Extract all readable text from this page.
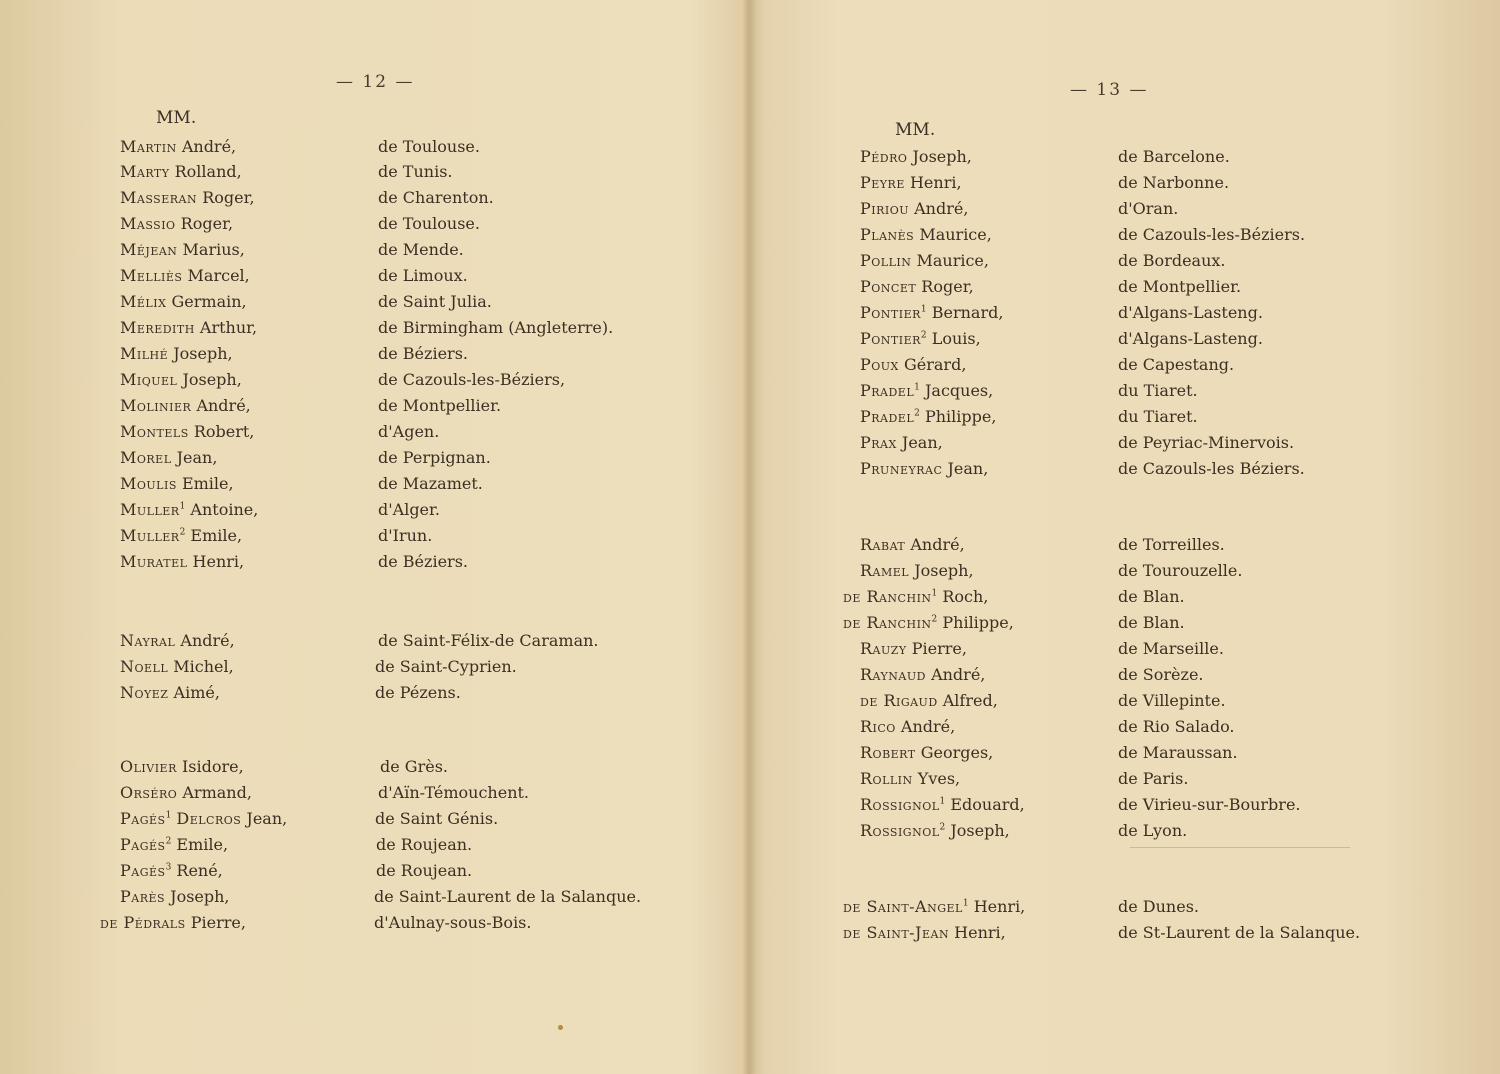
— 12 —
MM.
Martin André,	de Toulouse.
Marty Rolland,	de Tunis.
Masseran Roger,	de Charenton.
Massio Roger,	de Toulouse.
Méjean Marius,	de Mende.
Melliès Marcel,	de Limoux.
Mélix Germain,	de Saint Julia.
Meredith Arthur,	de Birmingham (Angleterre).
Milhé Joseph,	de Béziers.
Miquel Joseph,	de Cazouls-les-Béziers,
Molinier André,	de Montpellier.
Montels Robert,	d'Agen.
Morel Jean,	de Perpignan.
Moulis Emile,	de Mazamet.
Muller$^1$ Antoine,	d'Alger.
Muller$^2$ Emile,	d'Irun.
Muratel Henri,	de Béziers.
Nayral André,	de Saint-Félix-de Caraman.
Noell Michel,	de Saint-Cyprien.
Noyez Aimé,	de Pézens.
Olivier Isidore,	de Grès.
Orséro Armand,	d'Aïn-Témouchent.
Pagés$^1$ Delcros Jean,	de Saint Génis.
Pagés$^2$ Emile,	de Roujean.
Pagés$^3$ René,	de Roujean.
Parès Joseph,	de Saint-Laurent de la Salanque.
de Pédrals Pierre,	d'Aulnay-sous-Bois.
— 13 —
MM.
Pédro Joseph,	de Barcelone.
Peyre Henri,	de Narbonne.
Piriou André,	d'Oran.
Planès Maurice,	de Cazouls-les-Béziers.
Pollin Maurice,	de Bordeaux.
Poncet Roger,	de Montpellier.
Pontier$^1$ Bernard,	d'Algans-Lasteng.
Pontier$^2$ Louis,	d'Algans-Lasteng.
Poux Gérard,	de Capestang.
Pradel$^1$ Jacques,	du Tiaret.
Pradel$^2$ Philippe,	du Tiaret.
Prax Jean,	de Peyriac-Minervois.
Pruneyrac Jean,	de Cazouls-les Béziers.
Rabat André,	de Torreilles.
Ramel Joseph,	de Tourouzelle.
de Ranchin$^1$ Roch,	de Blan.
de Ranchin$^2$ Philippe,	de Blan.
Rauzy Pierre,	de Marseille.
Raynaud André,	de Sorèze.
de Rigaud Alfred,	de Villepinte.
Rico André,	de Rio Salado.
Robert Georges,	de Maraussan.
Rollin Yves,	de Paris.
Rossignol$^1$ Edouard,	de Virieu-sur-Bourbre.
Rossignol$^2$ Joseph,	de Lyon.
de Saint-Angel$^1$ Henri,	de Dunes.
de Saint-Jean Henri,	de St-Laurent de la Salanque.
